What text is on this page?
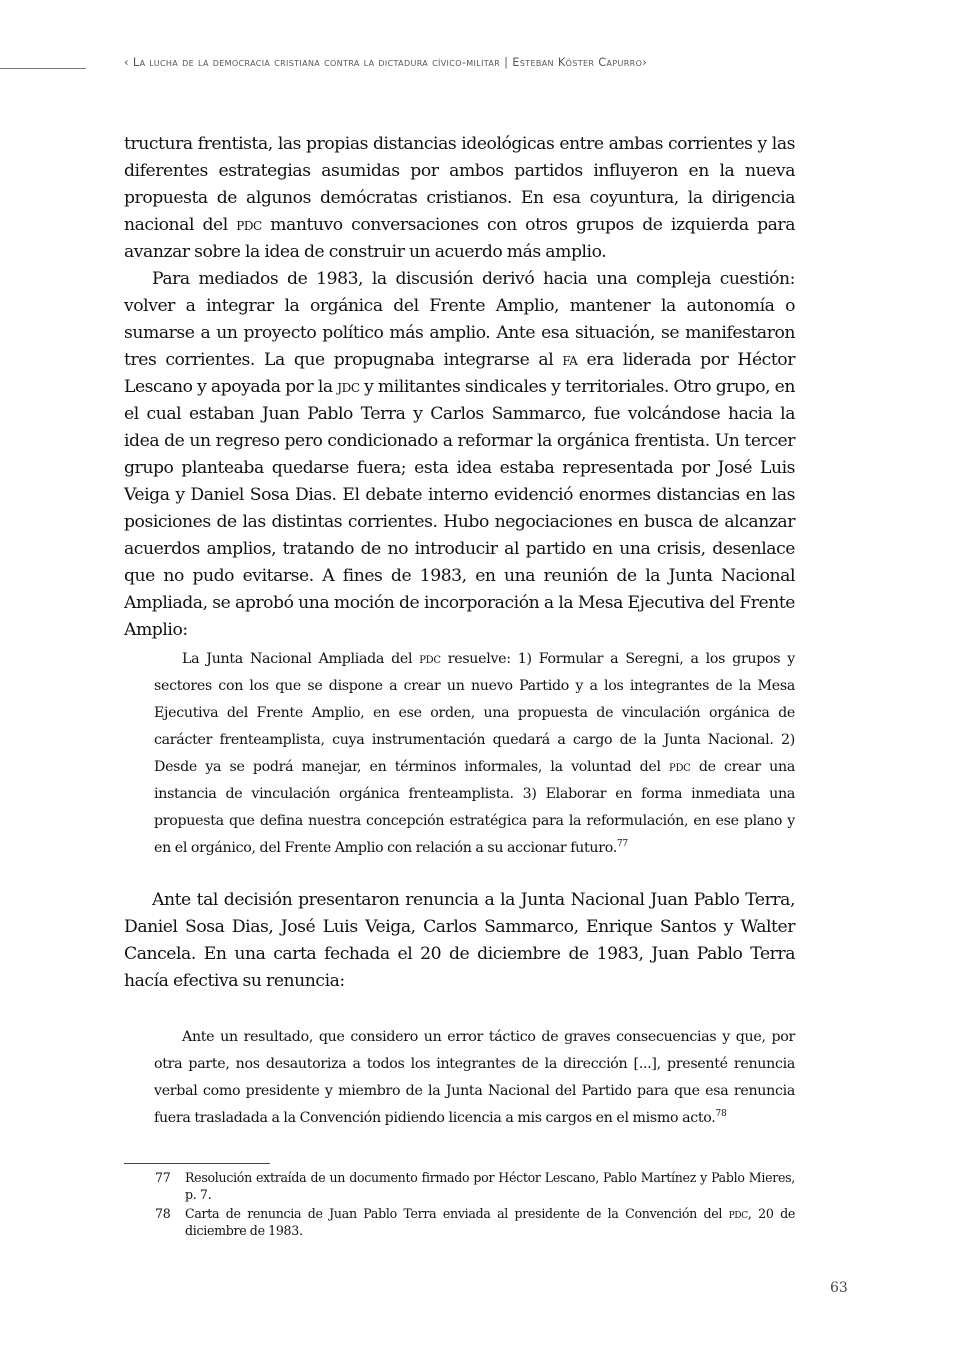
‹ La lucha de la democracia cristiana contra la dictadura cívico-militar | Esteban Köster Capurro›

tructura frentista, las propias distancias ideológicas entre ambas corrientes y las diferentes estrategias asumidas por ambos partidos influyeron en la nueva propuesta de algunos demócratas cristianos. En esa coyuntura, la dirigencia nacional del pdc mantuvo conversaciones con otros grupos de izquierda para avanzar sobre la idea de construir un acuerdo más amplio.

Para mediados de 1983, la discusión derivó hacia una compleja cuestión: volver a integrar la orgánica del Frente Amplio, mantener la autonomía o sumarse a un proyecto político más amplio. Ante esa situación, se manifestaron tres corrientes. La que propugnaba integrarse al fa era liderada por Héctor Lescano y apoyada por la jdc y militantes sindicales y territoriales. Otro grupo, en el cual estaban Juan Pablo Terra y Carlos Sammarco, fue volcándose hacia la idea de un regreso pero condicionado a reformar la orgánica frentista. Un tercer grupo planteaba quedarse fuera; esta idea estaba representada por José Luis Veiga y Daniel Sosa Dias. El debate interno evidenció enormes distancias en las posiciones de las distintas corrientes. Hubo negociaciones en busca de alcanzar acuerdos amplios, tratando de no introducir al partido en una crisis, desenlace que no pudo evitarse. A fines de 1983, en una reunión de la Junta Nacional Ampliada, se aprobó una moción de incorporación a la Mesa Ejecutiva del Frente Amplio:

La Junta Nacional Ampliada del pdc resuelve: 1) Formular a Seregni, a los grupos y sectores con los que se dispone a crear un nuevo Partido y a los integrantes de la Mesa Ejecutiva del Frente Amplio, en ese orden, una propuesta de vinculación orgánica de carácter frenteamplista, cuya instrumentación quedará a cargo de la Junta Nacional. 2) Desde ya se podrá manejar, en términos informales, la voluntad del pdc de crear una instancia de vinculación orgánica frenteamplista. 3) Elaborar en forma inmediata una propuesta que defina nuestra concepción estratégica para la reformulación, en ese plano y en el orgánico, del Frente Amplio con relación a su accionar futuro.$^{77}$

Ante tal decisión presentaron renuncia a la Junta Nacional Juan Pablo Terra, Daniel Sosa Dias, José Luis Veiga, Carlos Sammarco, Enrique Santos y Walter Cancela. En una carta fechada el 20 de diciembre de 1983, Juan Pablo Terra hacía efectiva su renuncia:

Ante un resultado, que considero un error táctico de graves consecuencias y que, por otra parte, nos desautoriza a todos los integrantes de la dirección [...], presenté renuncia verbal como presidente y miembro de la Junta Nacional del Partido para que esa renuncia fuera trasladada a la Convención pidiendo licencia a mis cargos en el mismo acto.$^{78}$

77 Resolución extraída de un documento firmado por Héctor Lescano, Pablo Martínez y Pablo Mieres, p. 7.
78 Carta de renuncia de Juan Pablo Terra enviada al presidente de la Convención del pdc, 20 de diciembre de 1983.
63
